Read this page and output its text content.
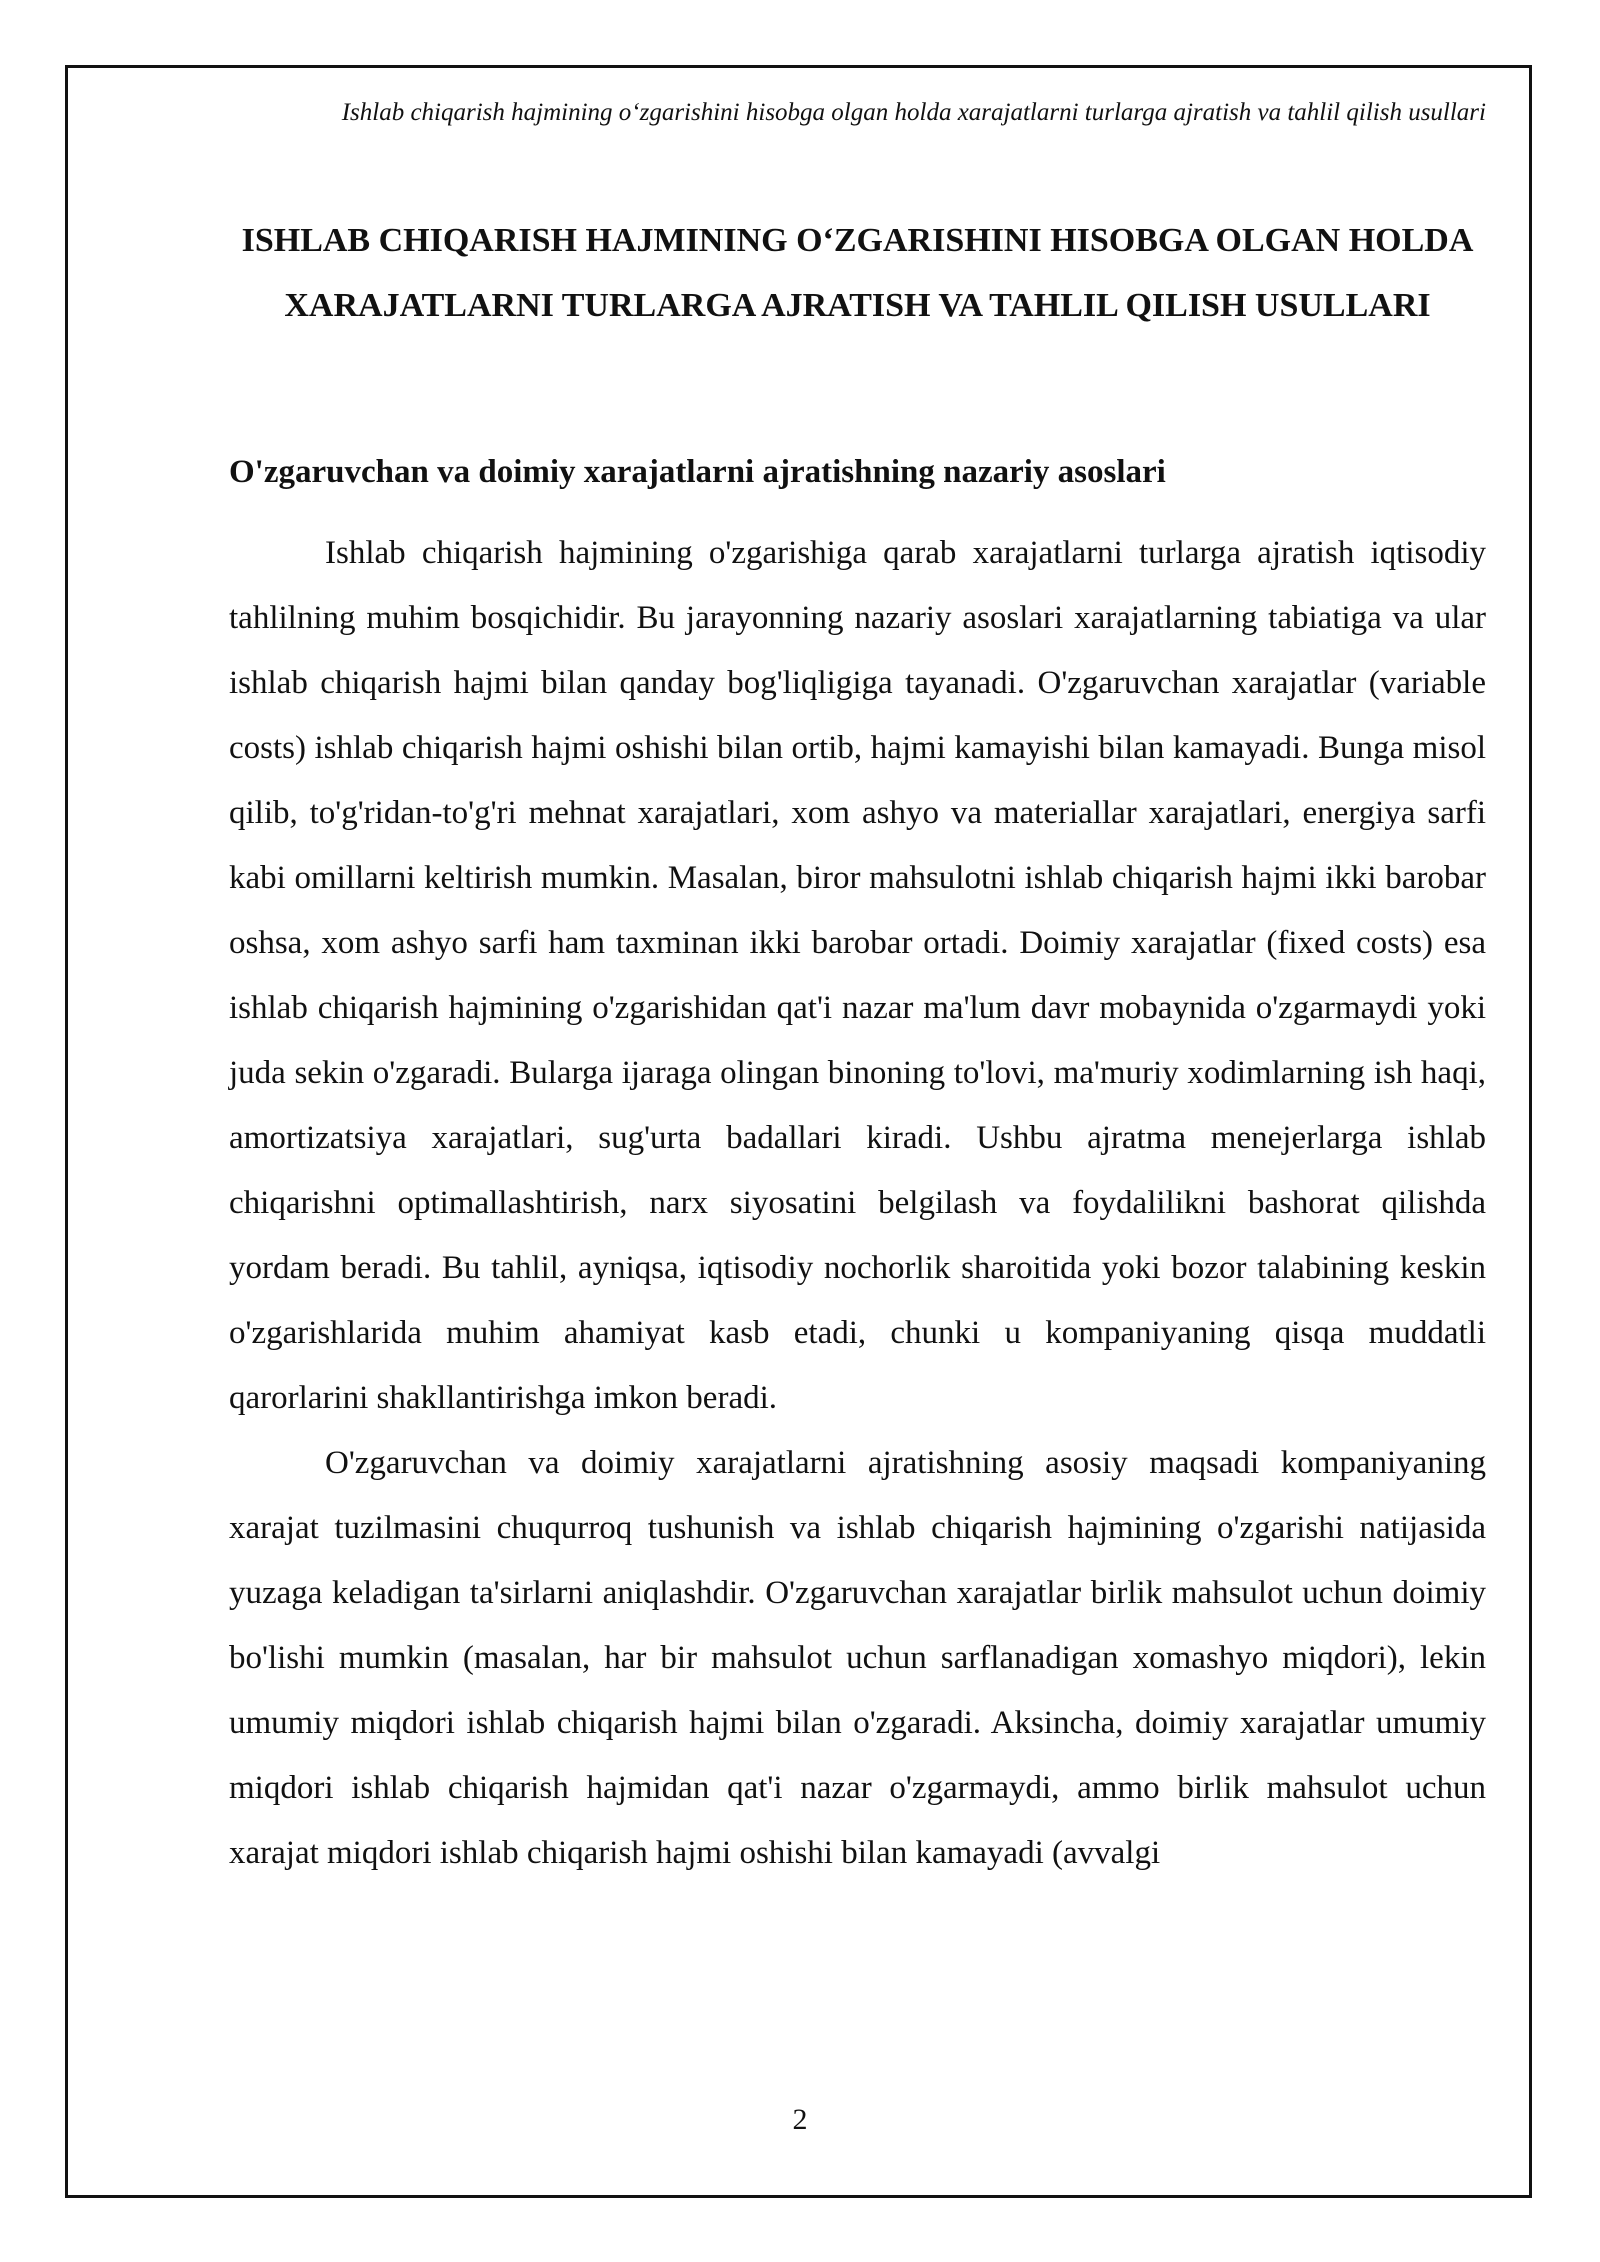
Ishlab chiqarish hajmining o‘zgarishini hisobga olgan holda xarajatlarni turlarga ajratish va tahlil qilish usullari

ISHLAB CHIQARISH HAJMINING O‘ZGARISHINI HISOBGA OLGAN HOLDA XARAJATLARNI TURLARGA AJRATISH VA TAHLIL QILISH USULLARI
O'zgaruvchan va doimiy xarajatlarni ajratishning nazariy asoslari

Ishlab chiqarish hajmining o'zgarishiga qarab xarajatlarni turlarga ajratish iqtisodiy tahlilning muhim bosqichidir. Bu jarayonning nazariy asoslari xarajatlarning tabiatiga va ular ishlab chiqarish hajmi bilan qanday bog'liqligiga tayanadi. O'zgaruvchan xarajatlar (variable costs) ishlab chiqarish hajmi oshishi bilan ortib, hajmi kamayishi bilan kamayadi. Bunga misol qilib, to'g'ridan-to'g'ri mehnat xarajatlari, xom ashyo va materiallar xarajatlari, energiya sarfi kabi omillarni keltirish mumkin. Masalan, biror mahsulotni ishlab chiqarish hajmi ikki barobar oshsa, xom ashyo sarfi ham taxminan ikki barobar ortadi. Doimiy xarajatlar (fixed costs) esa ishlab chiqarish hajmining o'zgarishidan qat'i nazar ma'lum davr mobaynida o'zgarmaydi yoki juda sekin o'zgaradi. Bularga ijaraga olingan binoning to'lovi, ma'muriy xodimlarning ish haqi, amortizatsiya xarajatlari, sug'urta badallari kiradi. Ushbu ajratma menejerlarga ishlab chiqarishni optimallashtirish, narx siyosatini belgilash va foydalilikni bashorat qilishda yordam beradi. Bu tahlil, ayniqsa, iqtisodiy nochorlik sharoitida yoki bozor talabining keskin o'zgarishlarida muhim ahamiyat kasb etadi, chunki u kompaniyaning qisqa muddatli qarorlarini shakllantirishga imkon beradi.

O'zgaruvchan va doimiy xarajatlarni ajratishning asosiy maqsadi kompaniyaning xarajat tuzilmasini chuqurroq tushunish va ishlab chiqarish hajmining o'zgarishi natijasida yuzaga keladigan ta'sirlarni aniqlashdir. O'zgaruvchan xarajatlar birlik mahsulot uchun doimiy bo'lishi mumkin (masalan, har bir mahsulot uchun sarflanadigan xomashyo miqdori), lekin umumiy miqdori ishlab chiqarish hajmi bilan o'zgaradi. Aksincha, doimiy xarajatlar umumiy miqdori ishlab chiqarish hajmidan qat'i nazar o'zgarmaydi, ammo birlik mahsulot uchun xarajat miqdori ishlab chiqarish hajmi oshishi bilan kamayadi (avvalgi

2
